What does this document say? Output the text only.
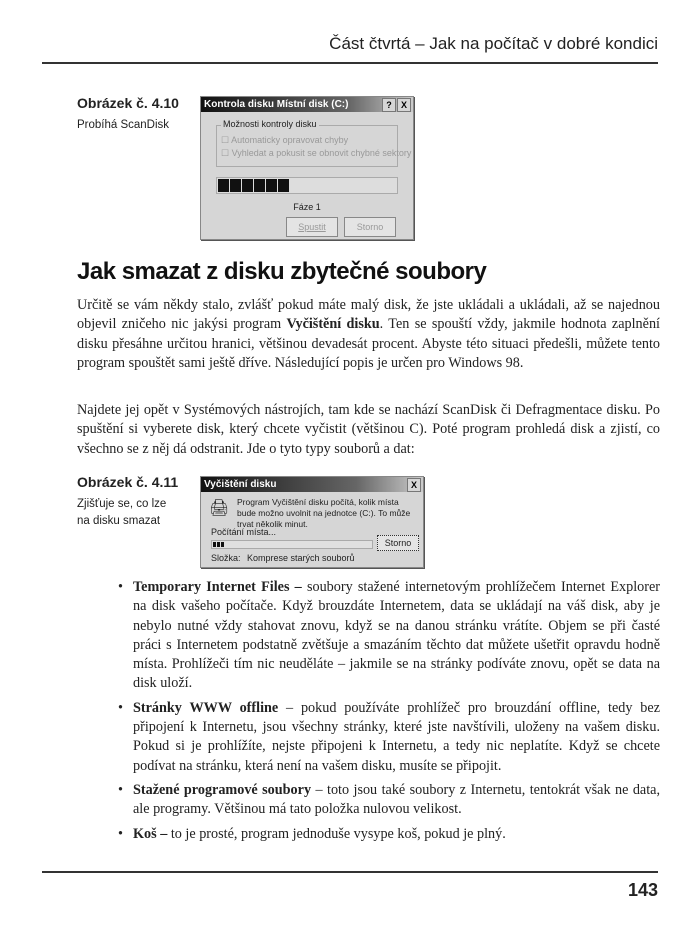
Část čtvrtá – Jak na počítač v dobré kondici
Obrázek č. 4.10
Probíhá ScanDisk
Kontrola disku Místní disk (C:)	?	X
Možnosti kontroly disku
☐ Automaticky opravovat chyby
☐ Vyhledat a pokusit se obnovit chybné sektory
Fáze 1
Spustit	Storno
Jak smazat z disku zbytečné soubory

Určitě se vám někdy stalo, zvlášť pokud máte malý disk, že jste ukládali a ukládali, až se najednou objevil zničeho nic jakýsi program Vyčištění disku. Ten se spouští vždy, jakmile hodnota zaplnění disku přesáhne určitou hranici, většinou devadesát procent. Abyste této situaci předešli, můžete tento program spouštět sami ještě dříve. Následující popis je určen pro Windows 98.

Najdete jej opět v Systémových nástrojích, tam kde se nachází ScanDisk či Defragmentace disku. Po spuštění si vyberete disk, který chcete vyčistit (většinou C). Poté program prohledá disk a zjistí, co všechno se z něj dá odstranit. Jde o tyto typy souborů a dat:

Obrázek č. 4.11
Zjišťuje se, co lze na disku smazat
Vyčištění disku	X
🖨 Program Vyčištění disku počítá, kolik místa bude možno uvolnit na jednotce (C:). To může trvat několik minut.
Počítání místa...
Storno
Složka: Komprese starých souborů
• Temporary Internet Files – soubory stažené internetovým prohlížečem Internet Explorer na disk vašeho počítače. Když brouzdáte Internetem, data se ukládají na váš disk, aby je nebylo nutné vždy stahovat znovu, když se na danou stránku vrátíte. Objem se při časté práci s Internetem podstatně zvětšuje a smazáním těchto dat můžete ušetřit opravdu hodně místa. Prohlížeči tím nic neuděláte – jakmile se na stránky podíváte znovu, opět se data na disk uloží.
• Stránky WWW offline – pokud používáte prohlížeč pro brouzdání offline, tedy bez připojení k Internetu, jsou všechny stránky, které jste navštívili, uloženy na vašem disku. Pokud si je prohlížíte, nejste připojeni k Internetu, a tedy nic neplatíte. Když se chcete podívat na stránku, která není na vašem disku, musíte se připojit.
• Stažené programové soubory – toto jsou také soubory z Internetu, tentokrát však ne data, ale programy. Většinou má tato položka nulovou velikost.
• Koš – to je prosté, program jednoduše vysype koš, pokud je plný.
143
